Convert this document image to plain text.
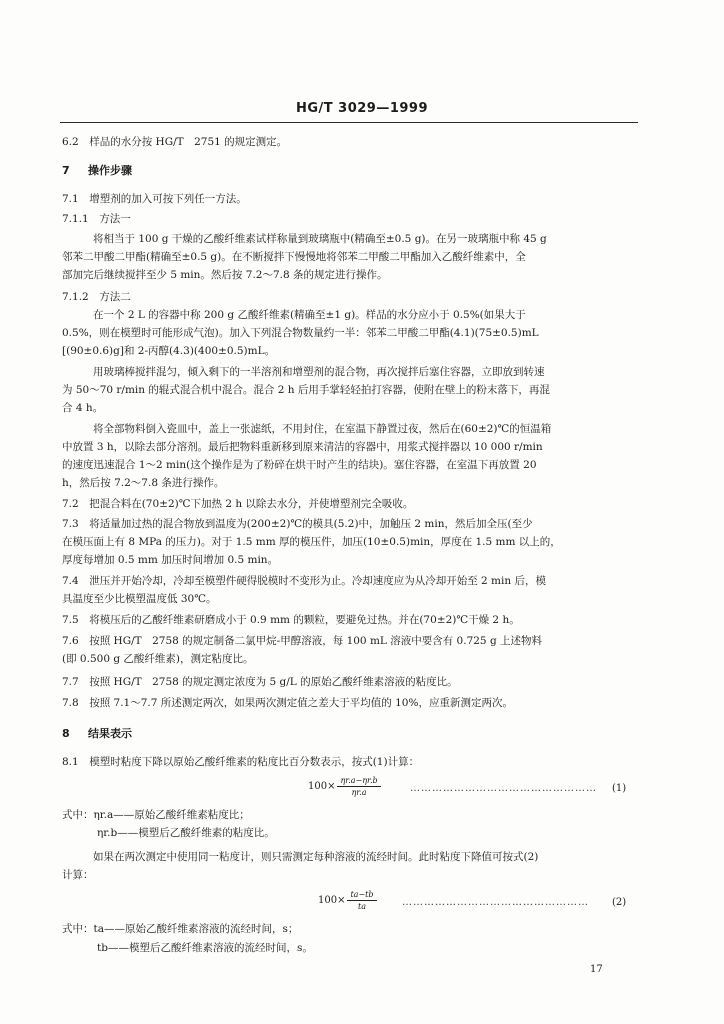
HG/T 3029—1999
6.2　样品的水分按 HG/T　2751 的规定测定。
7 操作步骤
7.1　增塑剂的加入可按下列任一方法。
7.1.1　方法一
将相当于 100 g 干燥的乙酸纤维素试样称量到玻璃瓶中(精确至±0.5 g)。在另一玻璃瓶中称 45 g
邻苯二甲酸二甲酯(精确至±0.5 g)。在不断搅拌下慢慢地将邻苯二甲酸二甲酯加入乙酸纤维素中，全
部加完后继续搅拌至少 5 min。然后按 7.2～7.8 条的规定进行操作。
7.1.2　方法二
在一个 2 L 的容器中称 200 g 乙酸纤维素(精确至±1 g)。样品的水分应小于 0.5%(如果大于
0.5%，则在模塑时可能形成气泡)。加入下列混合物数量约一半：邻苯二甲酸二甲酯(4.1)(75±0.5)mL
[(90±0.6)g]和 2-丙醇(4.3)(400±0.5)mL。
用玻璃棒搅拌混匀，倾入剩下的一半溶剂和增塑剂的混合物，再次搅拌后塞住容器，立即放到转速
为 50～70 r/min 的辊式混合机中混合。混合 2 h 后用手掌轻轻拍打容器，使附在壁上的粉末落下，再混
合 4 h。
将全部物料倒入瓷皿中，盖上一张滤纸，不用封住，在室温下静置过夜，然后在(60±2)℃的恒温箱
中放置 3 h，以除去部分溶剂。最后把物料重新移到原来清洁的容器中，用浆式搅拌器以 10 000 r/min
的速度迅速混合 1～2 min(这个操作是为了粉碎在烘干时产生的结块)。塞住容器，在室温下再放置 20
h，然后按 7.2～7.8 条进行操作。
7.2　把混合料在(70±2)℃下加热 2 h 以除去水分，并使增塑剂完全吸收。
7.3　将适量加过热的混合物放到温度为(200±2)℃的模具(5.2)中，加触压 2 min，然后加全压(至少
在模压面上有 8 MPa 的压力)。对于 1.5 mm 厚的模压件，加压(10±0.5)min，厚度在 1.5 mm 以上的，
厚度每增加 0.5 mm 加压时间增加 0.5 min。
7.4　泄压并开始冷却，冷却至模塑件硬得脱模时不变形为止。冷却速度应为从冷却开始至 2 min 后，模
具温度至少比模塑温度低 30℃。
7.5　将模压后的乙酸纤维素研磨成小于 0.9 mm 的颗粒，要避免过热。并在(70±2)℃干燥 2 h。
7.6　按照 HG/T　2758 的规定制备二氯甲烷-甲醇溶液，每 100 mL 溶液中要含有 0.725 g 上述物料
(即 0.500 g 乙酸纤维素)，测定粘度比。
7.7　按照 HG/T　2758 的规定测定浓度为 5 g/L 的原始乙酸纤维素溶液的粘度比。
7.8　按照 7.1～7.7 所述测定两次，如果两次测定值之差大于平均值的 10%，应重新测定两次。
8 结果表示
8.1　模塑时粘度下降以原始乙酸纤维素的粘度比百分数表示，按式(1)计算：
$100\times \frac{\eta r.a-\eta r.b}{\eta r.a}$	…………………………………………… (1)
式中：ηr.a——原始乙酸纤维素粘度比；
ηr.b——模塑后乙酸纤维素的粘度比。
如果在两次测定中使用同一粘度计，则只需测定每种溶液的流经时间。此时粘度下降值可按式(2)
计算：
$100\times \frac{ta-tb}{ta}$	…………………………………………… (2)
式中：ta——原始乙酸纤维素溶液的流经时间，s；
tb——模塑后乙酸纤维素溶液的流经时间，s。
17
